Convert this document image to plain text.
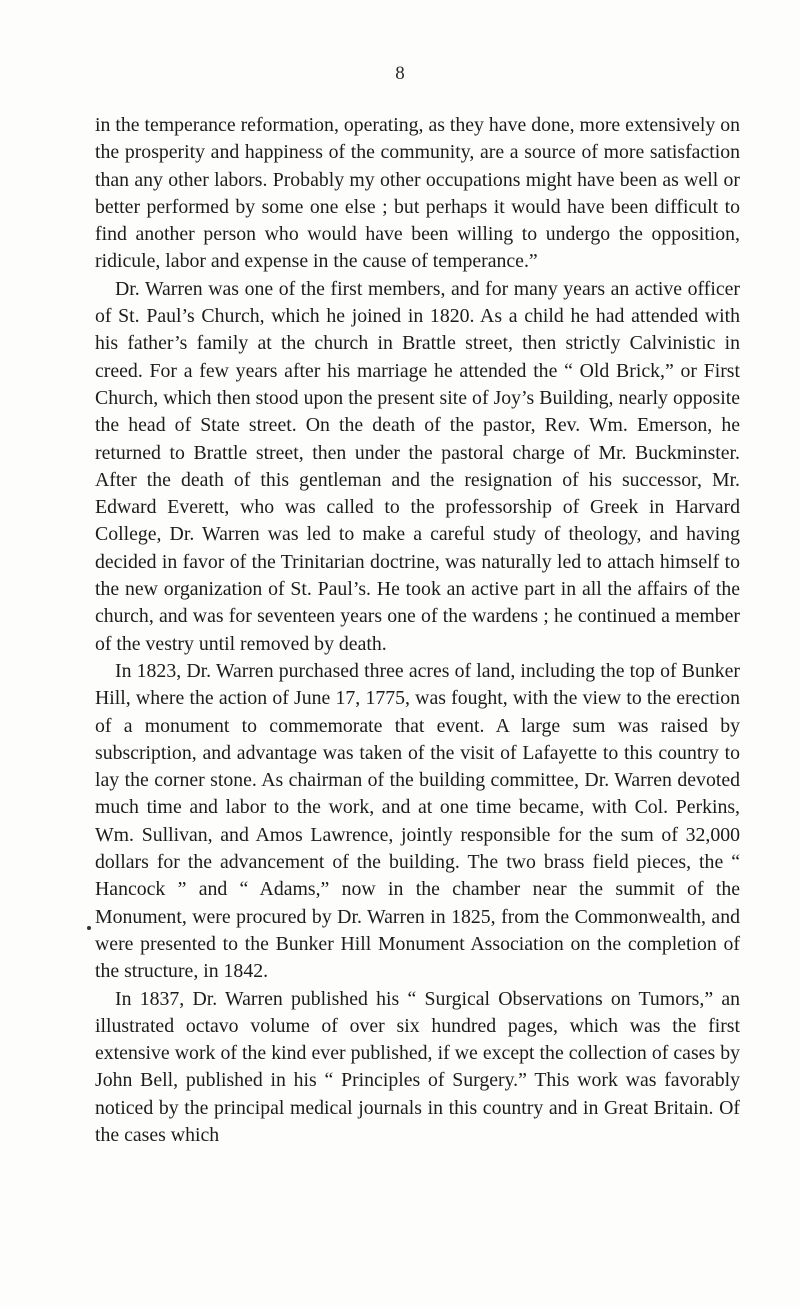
8

in the temperance reformation, operating, as they have done, more extensively on the prosperity and happiness of the community, are a source of more satisfaction than any other labors. Probably my other occupations might have been as well or better performed by some one else ; but perhaps it would have been difficult to find another person who would have been willing to undergo the opposition, ridicule, labor and expense in the cause of temperance.”

Dr. Warren was one of the first members, and for many years an active officer of St. Paul’s Church, which he joined in 1820. As a child he had attended with his father’s family at the church in Brattle street, then strictly Calvinistic in creed. For a few years after his marriage he attended the “ Old Brick,” or First Church, which then stood upon the present site of Joy’s Building, nearly opposite the head of State street. On the death of the pastor, Rev. Wm. Emerson, he returned to Brattle street, then under the pastoral charge of Mr. Buckminster. After the death of this gentleman and the resignation of his successor, Mr. Edward Everett, who was called to the professorship of Greek in Harvard College, Dr. Warren was led to make a careful study of theology, and having decided in favor of the Trinitarian doctrine, was naturally led to attach himself to the new organization of St. Paul’s. He took an active part in all the affairs of the church, and was for seventeen years one of the wardens ; he continued a member of the vestry until removed by death.

In 1823, Dr. Warren purchased three acres of land, including the top of Bunker Hill, where the action of June 17, 1775, was fought, with the view to the erection of a monument to commemorate that event. A large sum was raised by subscription, and advantage was taken of the visit of Lafayette to this country to lay the corner stone. As chairman of the building committee, Dr. Warren devoted much time and labor to the work, and at one time became, with Col. Perkins, Wm. Sullivan, and Amos Lawrence, jointly responsible for the sum of 32,000 dollars for the advancement of the building. The two brass field pieces, the “ Hancock ” and “ Adams,” now in the chamber near the summit of the Monument, were procured by Dr. Warren in 1825, from the Commonwealth, and were presented to the Bunker Hill Monument Association on the completion of the structure, in 1842.

In 1837, Dr. Warren published his “ Surgical Observations on Tumors,” an illustrated octavo volume of over six hundred pages, which was the first extensive work of the kind ever published, if we except the collection of cases by John Bell, published in his “ Principles of Surgery.” This work was favorably noticed by the principal medical journals in this country and in Great Britain. Of the cases which
